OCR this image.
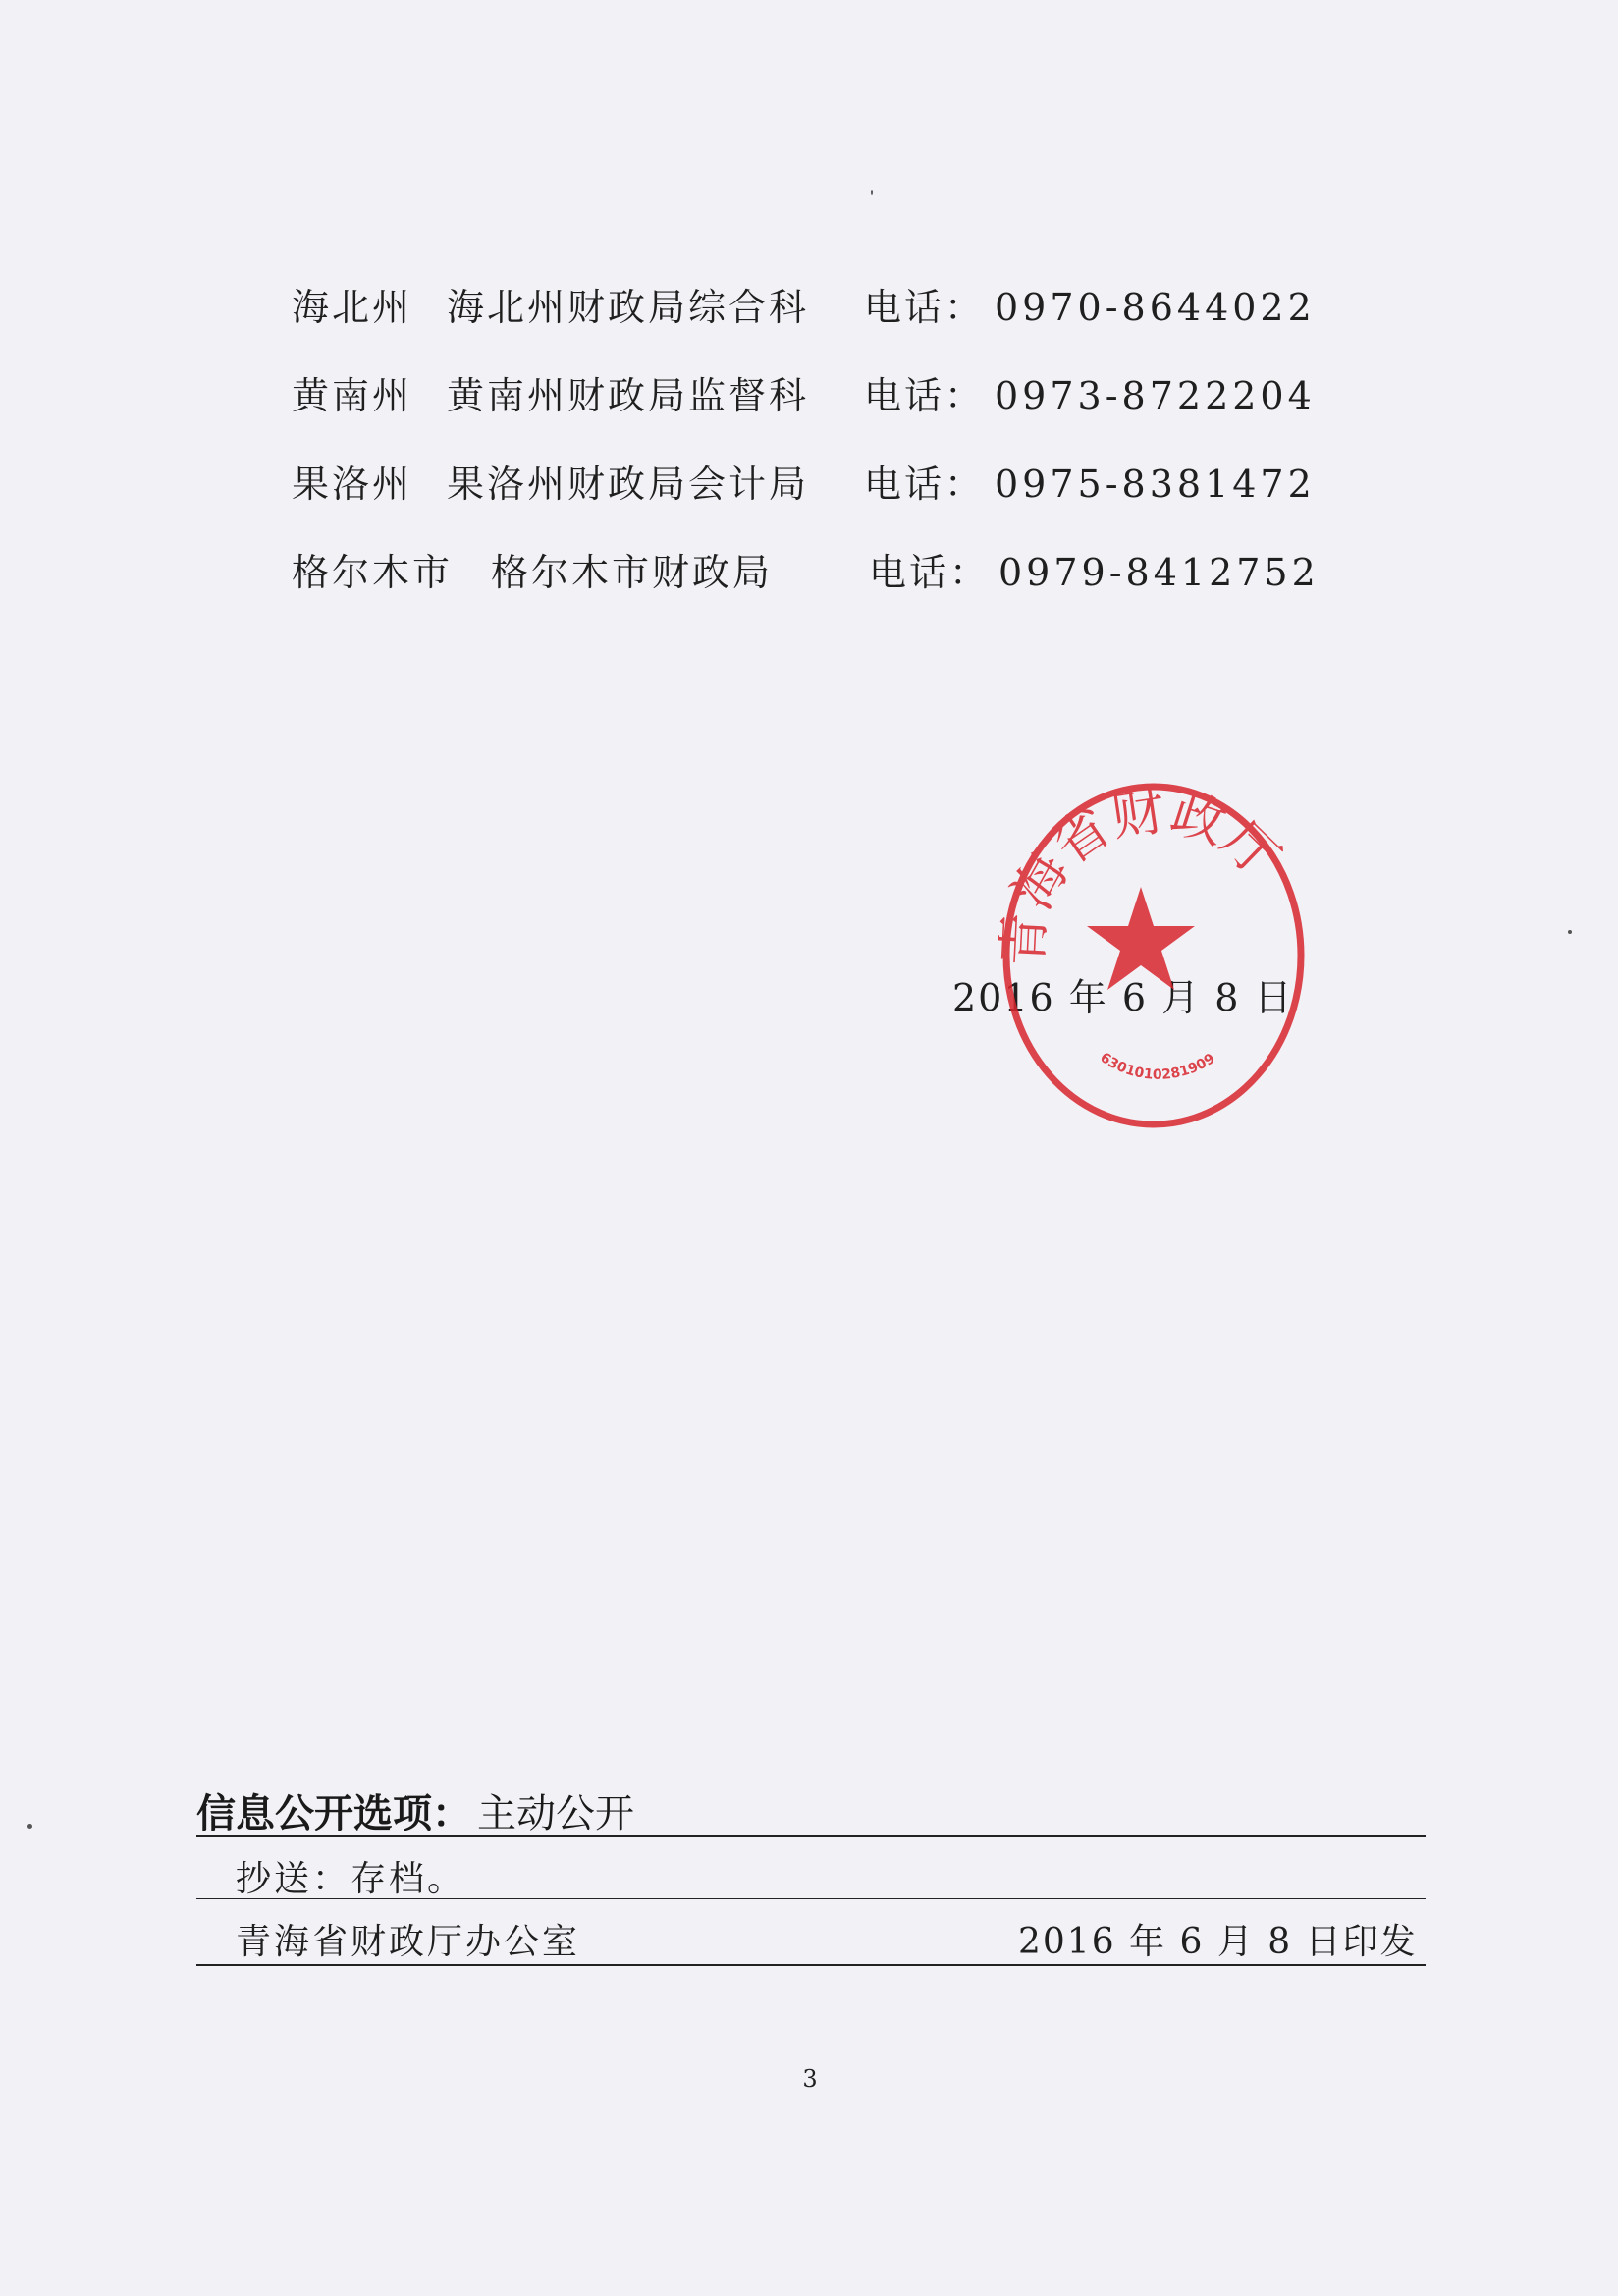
海北州 海北州财政局综合科 电话： 0970-8644022
黄南州 黄南州财政局监督科 电话： 0973-8722204
果洛州 果洛州财政局会计局 电话： 0975-8381472
格尔木市 格尔木市财政局	电话： 0979-8412752
2016 年 6 月 8 日
青海省财政厅
6301010281909
信息公开选项： 主动公开
抄送：存档。
青海省财政厅办公室	2016 年 6 月 8 日印发
3
